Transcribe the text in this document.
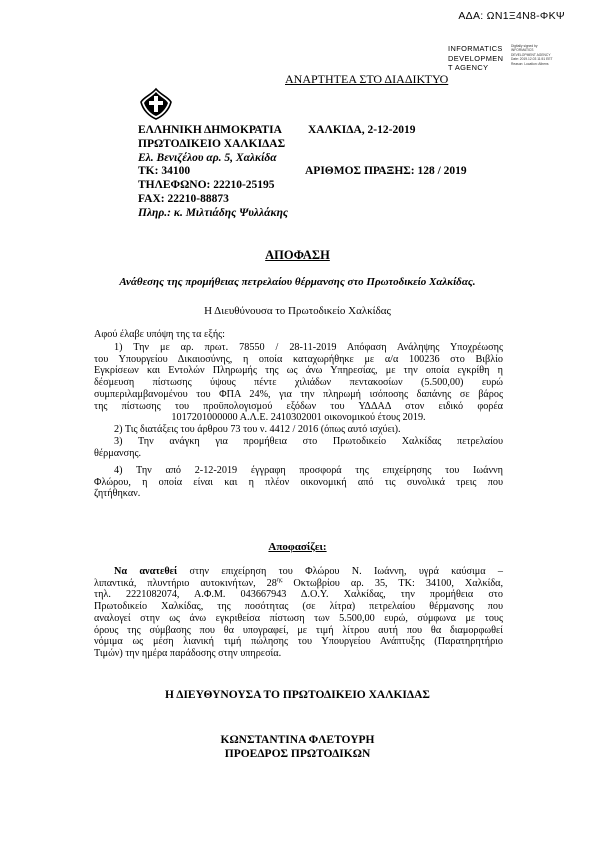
ΑΔΑ: ΩΝ1Ξ4Ν8-ΦΚΨ
INFORMATICS
DEVELOPMEN
T AGENCY
Digitally signed by INFORMATICS DEVELOPMENT AGENCY Date: 2019.12.03 11:51 EET Reason: Location: Athens
ΑΝΑΡΤΗΤΕΑ ΣΤΟ ΔΙΑΔΙΚΤΥΟ
ΕΛΛΗΝΙΚΗ ΔΗΜΟΚΡΑΤΙΑ
ΠΡΩΤΟΔΙΚΕΙΟ ΧΑΛΚΙΔΑΣ
Ελ. Βενιζέλου αρ. 5, Χαλκίδα
ΤΚ: 34100
ΤΗΛΕΦΩΝΟ: 22210-25195
FAX: 22210-88873
Πληρ.: κ. Μιλτιάδης Ψυλλάκης
ΧΑΛΚΙΔΑ, 2-12-2019
ΑΡΙΘΜΟΣ ΠΡΑΞΗΣ: 128 / 2019
ΑΠΟΦΑΣΗ
Ανάθεσης της προμήθειας πετρελαίου θέρμανσης στο Πρωτοδικείο Χαλκίδας.
Η Διευθύνουσα το Πρωτοδικείο Χαλκίδας
Αφού έλαβε υπόψη της τα εξής:
1) Την με αρ. πρωτ. 78550 / 28-11-2019 Απόφαση Ανάληψης Υποχρέωσης
του Υπουργείου Δικαιοσύνης, η οποία καταχωρήθηκε με α/α 100236 στο Βιβλίο
Εγκρίσεων και Εντολών Πληρωμής της ως άνω Υπηρεσίας, με την οποία εγκρίθη η
δέσμευση πίστωσης ύψους πέντε χιλιάδων πεντακοσίων (5.500,00) ευρώ
συμπεριλαμβανομένου του ΦΠΑ 24%, για την πληρωμή ισόποσης δαπάνης σε βάρος
της πίστωσης του προϋπολογισμού εξόδων του ΥΔΔΑΔ στον ειδικό φορέα
1017201000000 Α.Λ.Ε. 2410302001 οικονομικού έτους 2019.
2) Τις διατάξεις του άρθρου 73 του ν. 4412 / 2016 (όπως αυτό ισχύει).
3) Την ανάγκη για προμήθεια στο Πρωτοδικείο Χαλκίδας πετρελαίου
θέρμανσης.
4) Την από 2-12-2019 έγγραφη προσφορά της επιχείρησης του Ιωάννη
Φλώρου, η οποία είναι και η πλέον οικονομική από τις συνολικά τρεις που
ζητήθηκαν.
Αποφασίζει:
Να ανατεθεί στην επιχείρηση του Φλώρου Ν. Ιωάννη, υγρά καύσιμα –
λιπαντικά, πλυντήριο αυτοκινήτων, $28^{\eta\varsigma}$ Οκτωβρίου αρ. 35, ΤΚ: 34100, Χαλκίδα,
τηλ. 2221082074, Α.Φ.Μ. 043667943 Δ.Ο.Υ. Χαλκίδας, την προμήθεια στο
Πρωτοδικείο Χαλκίδας, της ποσότητας (σε λίτρα) πετρελαίου θέρμανσης που
αναλογεί στην ως άνω εγκριθείσα πίστωση των 5.500,00 ευρώ, σύμφωνα με τους
όρους της σύμβασης που θα υπογραφεί, με τιμή λίτρου αυτή που θα διαμορφωθεί
νόμιμα ως μέση λιανική τιμή πώλησης του Υπουργείου Ανάπτυξης (Παρατηρητήριο
Τιμών) την ημέρα παράδοσης στην υπηρεσία.
Η ΔΙΕΥΘΥΝΟΥΣΑ ΤΟ ΠΡΩΤΟΔΙΚΕΙΟ ΧΑΛΚΙΔΑΣ
ΚΩΝΣΤΑΝΤΙΝΑ ΦΛΕΤΟΥΡΗ
ΠΡΟΕΔΡΟΣ ΠΡΩΤΟΔΙΚΩΝ
